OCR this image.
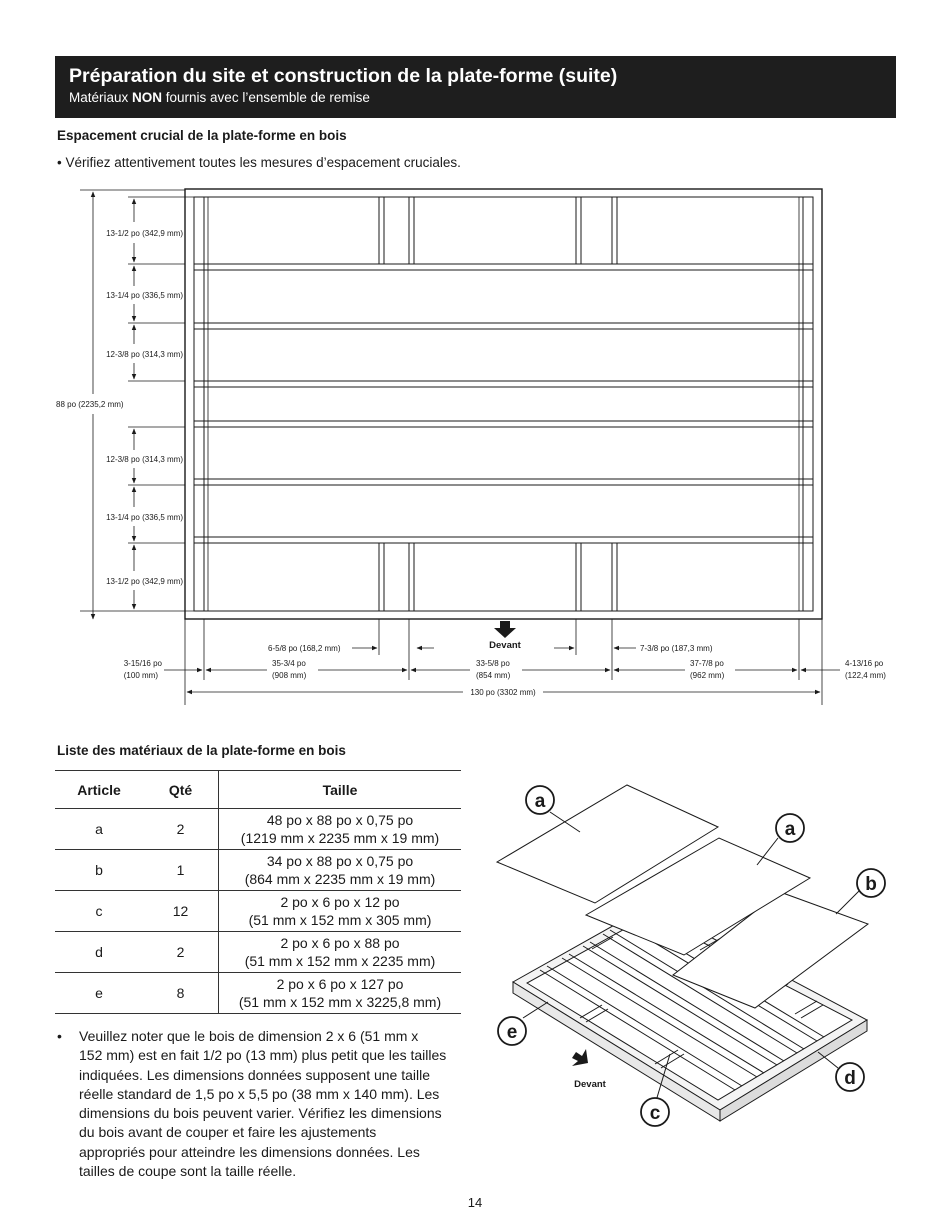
Préparation du site et construction de la plate-forme (suite)
Matériaux NON fournis avec l’ensemble de remise
Espacement crucial de la plate-forme en bois
• Vérifiez attentivement toutes les mesures d’espacement cruciales.
13-1/2 po (342,9 mm)
13-1/4 po (336,5 mm)
12-3/8 po (314,3 mm)
88 po (2235,2 mm)
12-3/8 po (314,3 mm)
13-1/4 po (336,5 mm)
13-1/2 po (342,9 mm)
Devant
6-5/8 po (168,2 mm)	7-3/8 po (187,3 mm)
3-15/16 po
(100 mm)
35-3/4 po
(908 mm)
33-5/8 po
(854 mm)
37-7/8 po
(962 mm)
4-13/16 po
(122,4 mm)
130 po (3302 mm)
Devant
a
a
b
e
d
c
Liste des matériaux de la plate-forme en bois
Article	Qté	Taille
a	2	48 po x 88 po x 0,75 po
(1219 mm x 2235 mm x 19 mm)
b	1	34 po x 88 po x 0,75 po
(864 mm x 2235 mm x 19 mm)
c	12	2 po x 6 po x 12 po
(51 mm x 152 mm x 305 mm)
d	2	2 po x 6 po x 88 po
(51 mm x 152 mm x 2235 mm)
e	8	2 po x 6 po x 127 po
(51 mm x 152 mm x 3225,8 mm)
• Veuillez noter que le bois de dimension 2 x 6 (51 mm x
152 mm) est en fait 1/2 po (13 mm) plus petit que les tailles
indiquées. Les dimensions données supposent une taille
réelle standard de 1,5 po x 5,5 po (38 mm x 140 mm). Les
dimensions du bois peuvent varier. Vérifiez les dimensions
du bois avant de couper et faire les ajustements
appropriés pour atteindre les dimensions données. Les
tailles de coupe sont la taille réelle.
14
